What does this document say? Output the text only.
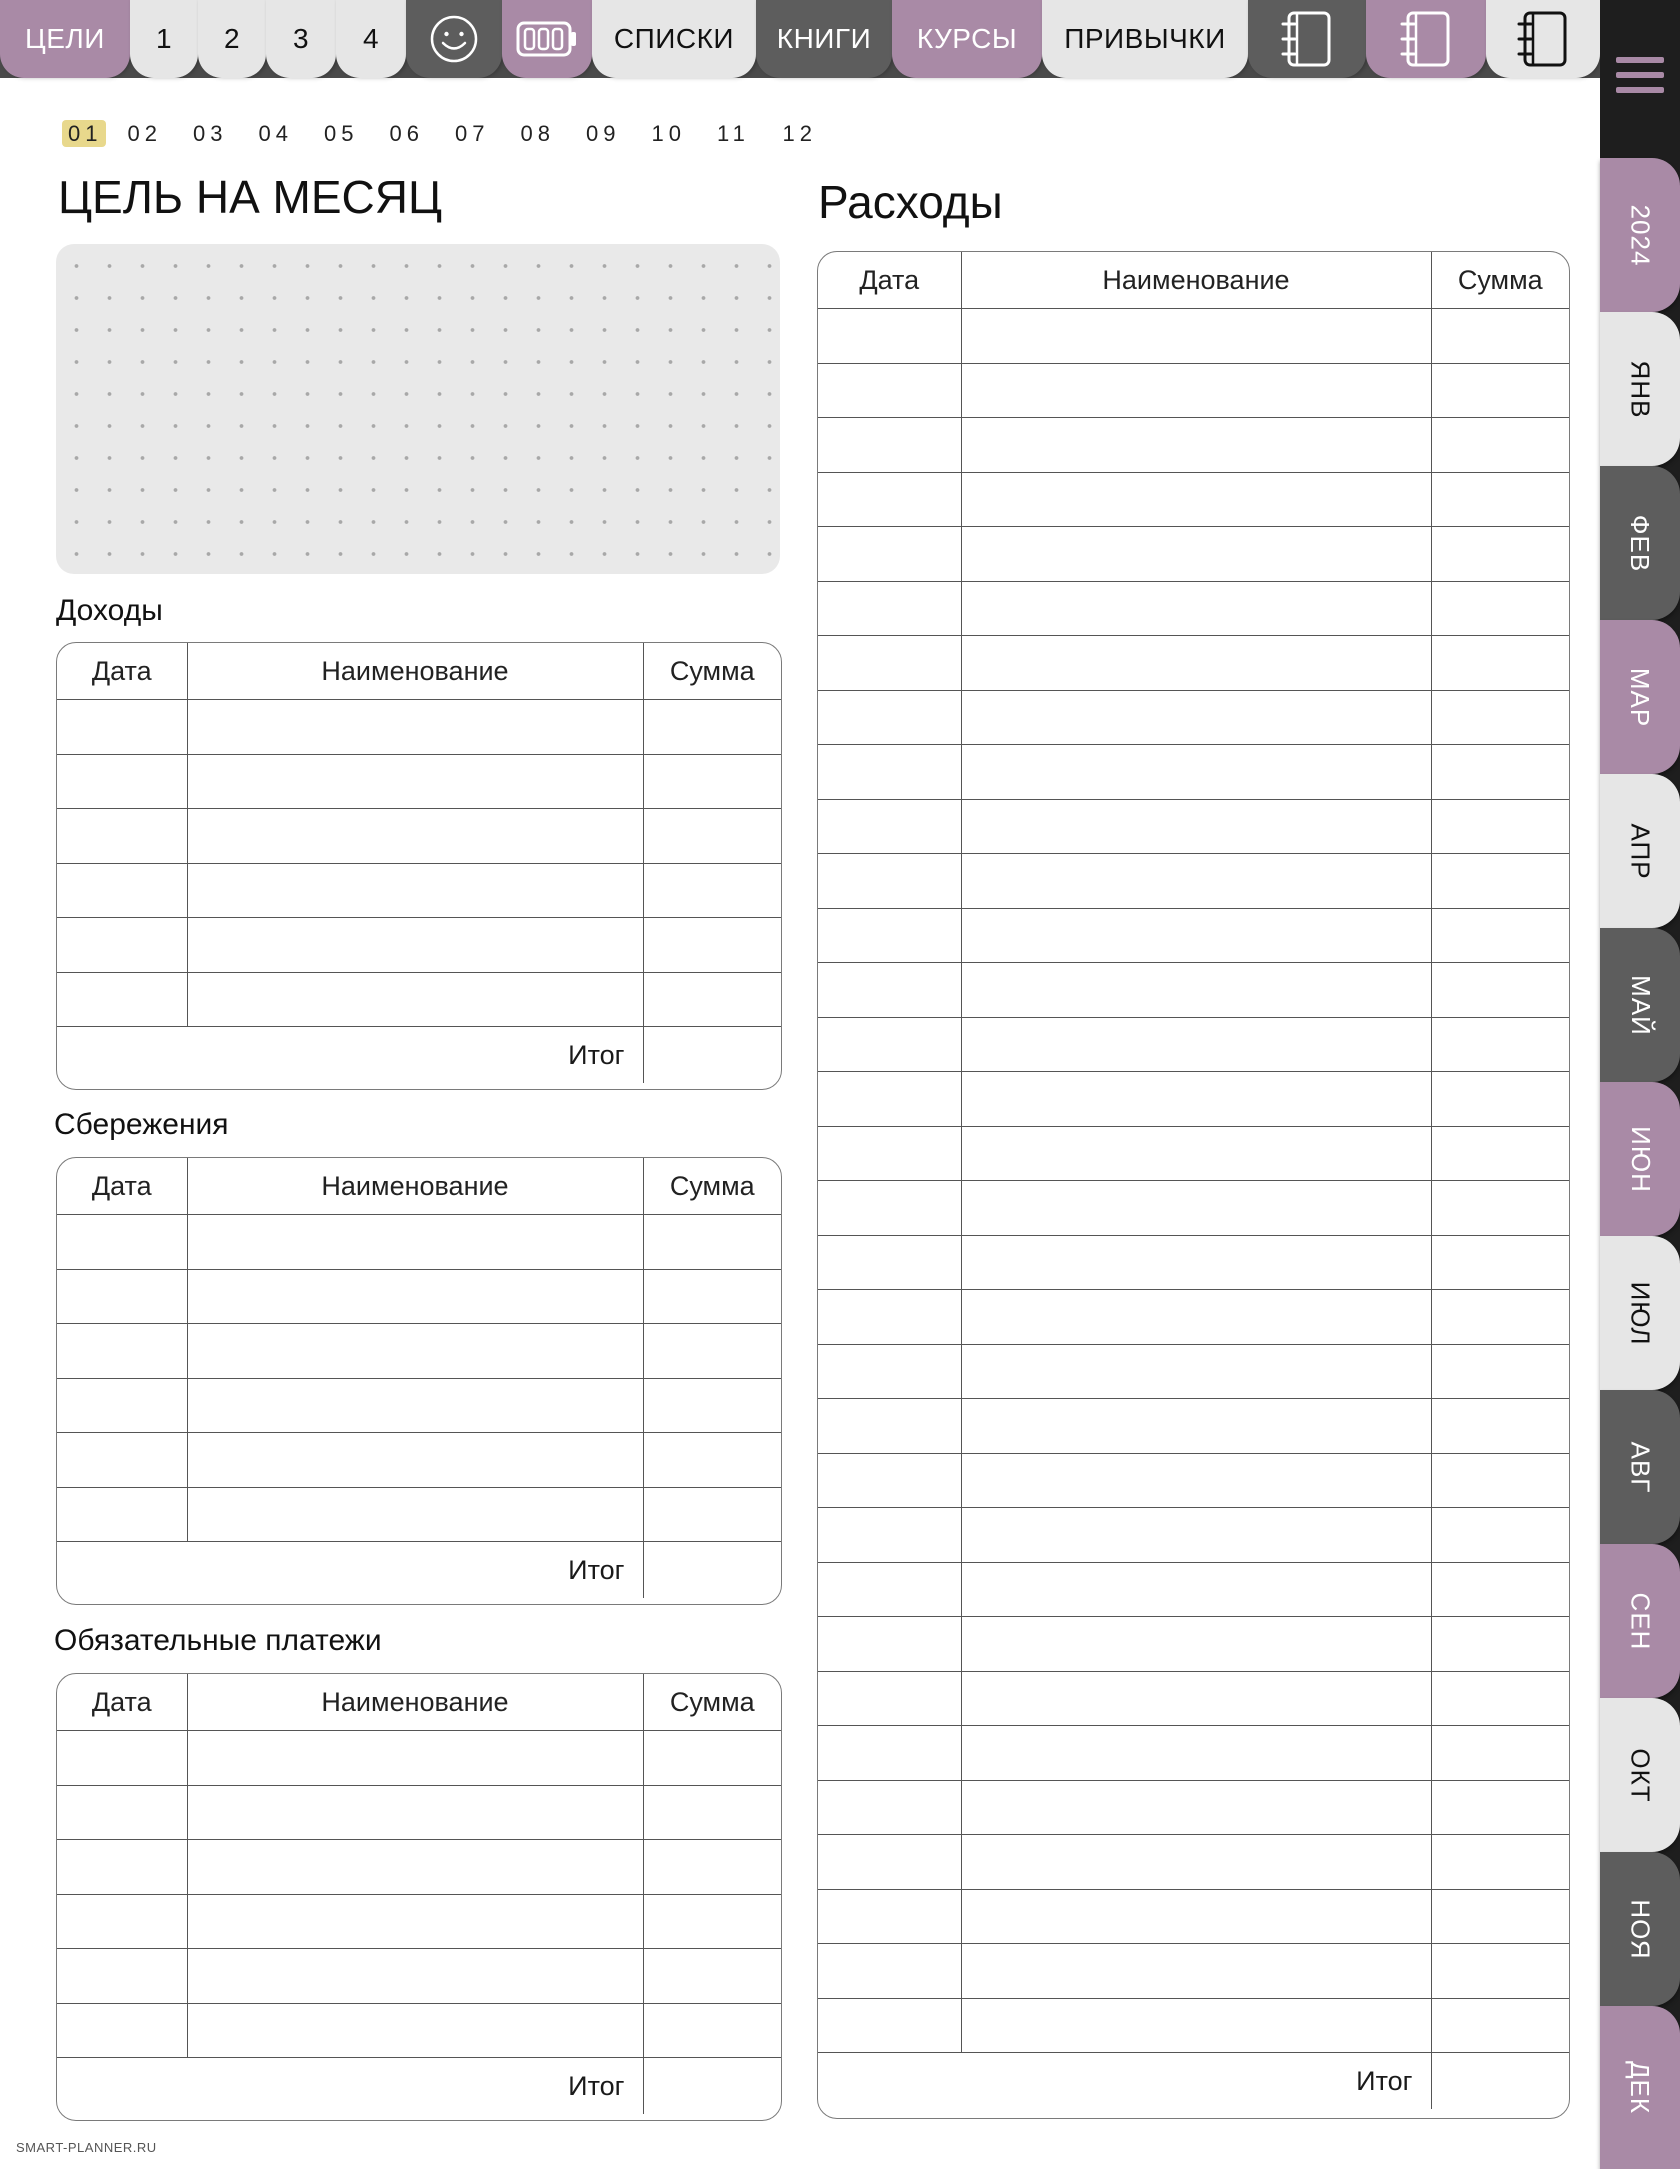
ЦЕЛИ 1 2 3 4	СПИСКИ КНИГИ КУРСЫ ПРИВЫЧКИ
2024
ЯНВ
ФЕВ
МАР
АПР
МАЙ
ИЮН
ИЮЛ
АВГ
СЕН
ОКТ
НОЯ
ДЕК
01	02	03	04	05	06	07	08	09	10	11	12
ЦЕЛЬ НА МЕСЯЦ
Доходы
Дата	Наименование	Сумма

Итог		
Сбережения
Дата	Наименование	Сумма

Итог		
Обязательные платежи
Дата	Наименование	Сумма

Итог		
Расходы
Дата	Наименование	Сумма

Итог		
SMART-PLANNER.RU
